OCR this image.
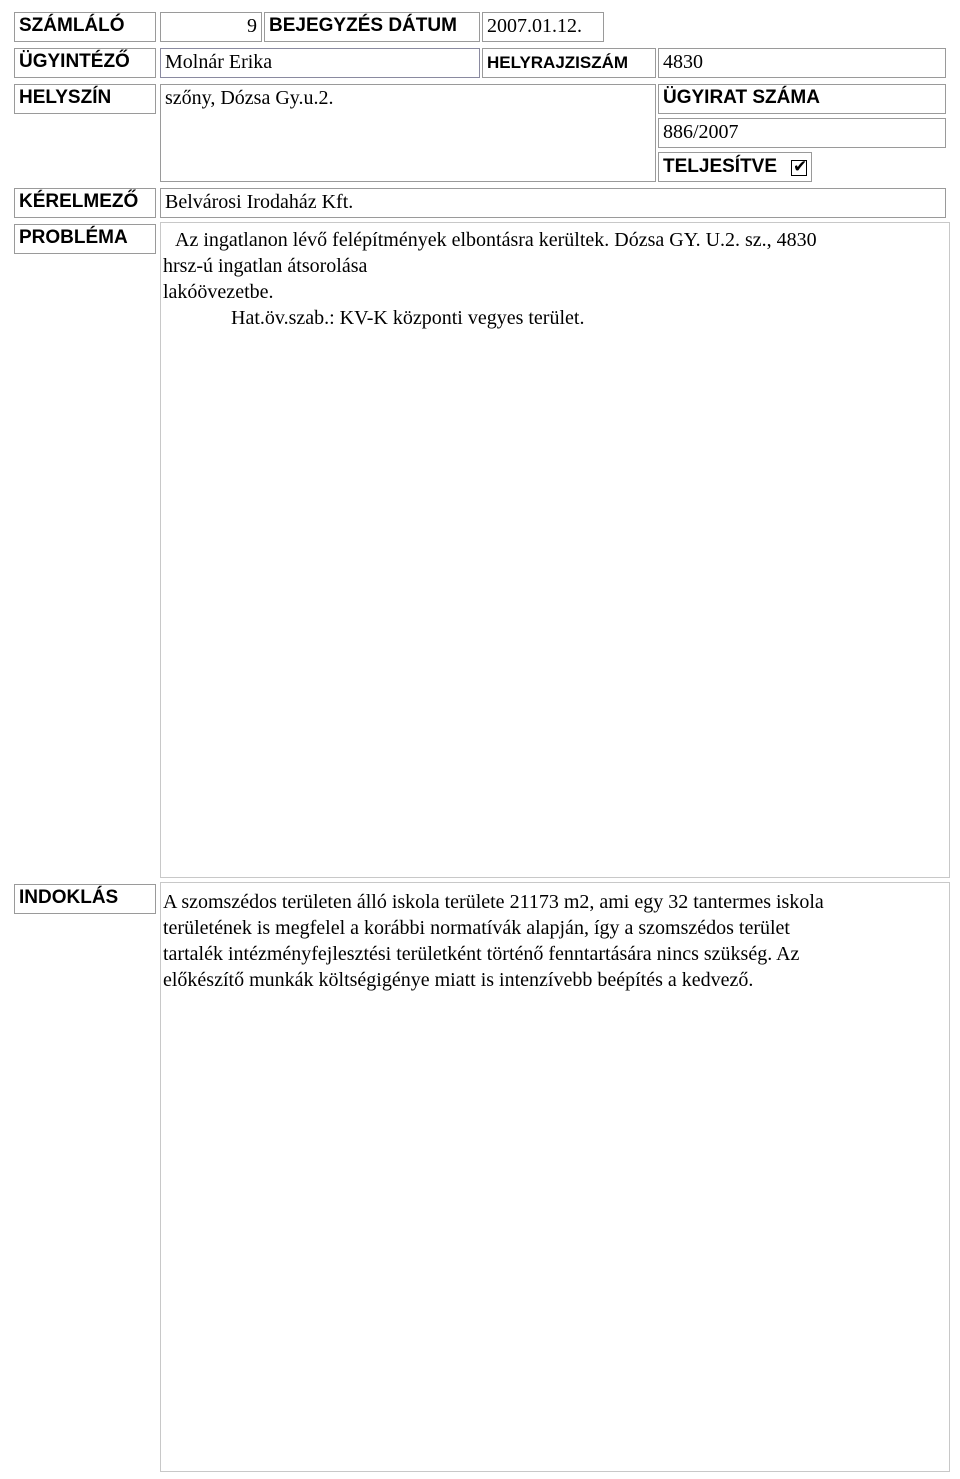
SZÁMLÁLÓ	9 BEJEGYZÉS DÁTUM	2007.01.12.
ÜGYINTÉZŐ	Molnár Erika	HELYRAJZISZÁM	4830
HELYSZÍN	szőny, Dózsa Gy.u.2.	ÜGYIRAT SZÁMA
886/2007
TELJESÍTVE ✔
KÉRELMEZŐ	Belvárosi Irodaház Kft.
PROBLÉMA	Az ingatlanon lévő felépítmények elbontásra kerültek. Dózsa GY. U.2. sz., 4830
hrsz-ú ingatlan átsorolása
lakóövezetbe.
Hat.öv.szab.: KV-K központi vegyes terület.
INDOKLÁS	A szomszédos területen álló iskola területe 21173 m2, ami egy 32 tantermes iskola
területének is megfelel a korábbi normatívák alapján, így a szomszédos terület
tartalék intézményfejlesztési területként történő fenntartására nincs szükség. Az
előkészítő munkák költségigénye miatt is intenzívebb beépítés a kedvező.
